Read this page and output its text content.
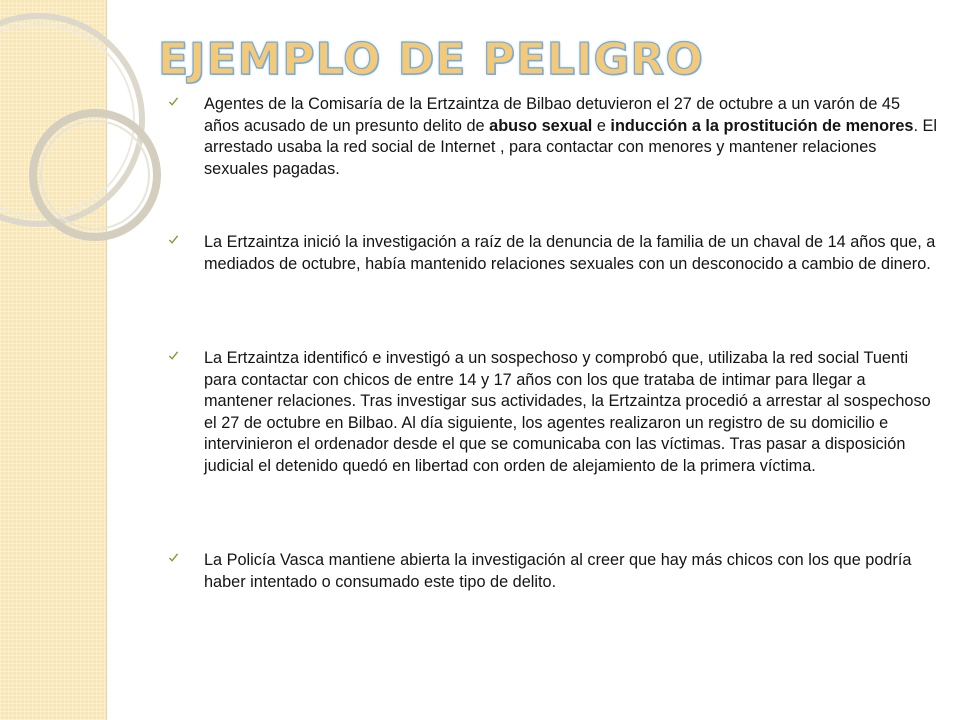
EJEMPLO DE PELIGRO

Agentes de la Comisaría de la Ertzaintza de Bilbao detuvieron el 27 de octubre a un varón de 45 años acusado de un presunto delito de abuso sexual e inducción a la prostitución de menores. El arrestado usaba la red social de Internet , para contactar con menores y mantener relaciones sexuales pagadas.

La Ertzaintza inició la investigación a raíz de la denuncia de la familia de un chaval de 14 años que, a mediados de octubre, había mantenido relaciones sexuales con un desconocido a cambio de dinero.

La Ertzaintza identificó e investigó a un sospechoso y comprobó que, utilizaba la red social Tuenti para contactar con chicos de entre 14 y 17 años con los que trataba de intimar para llegar a mantener relaciones. Tras investigar sus actividades, la Ertzaintza procedió a arrestar al sospechoso el 27 de octubre en Bilbao. Al día siguiente, los agentes realizaron un registro de su domicilio e intervinieron el ordenador desde el que se comunicaba con las víctimas. Tras pasar a disposición judicial el detenido quedó en libertad con orden de alejamiento de la primera víctima.

La Policía Vasca mantiene abierta la investigación al creer que hay más chicos con los que podría haber intentado o consumado este tipo de delito.
